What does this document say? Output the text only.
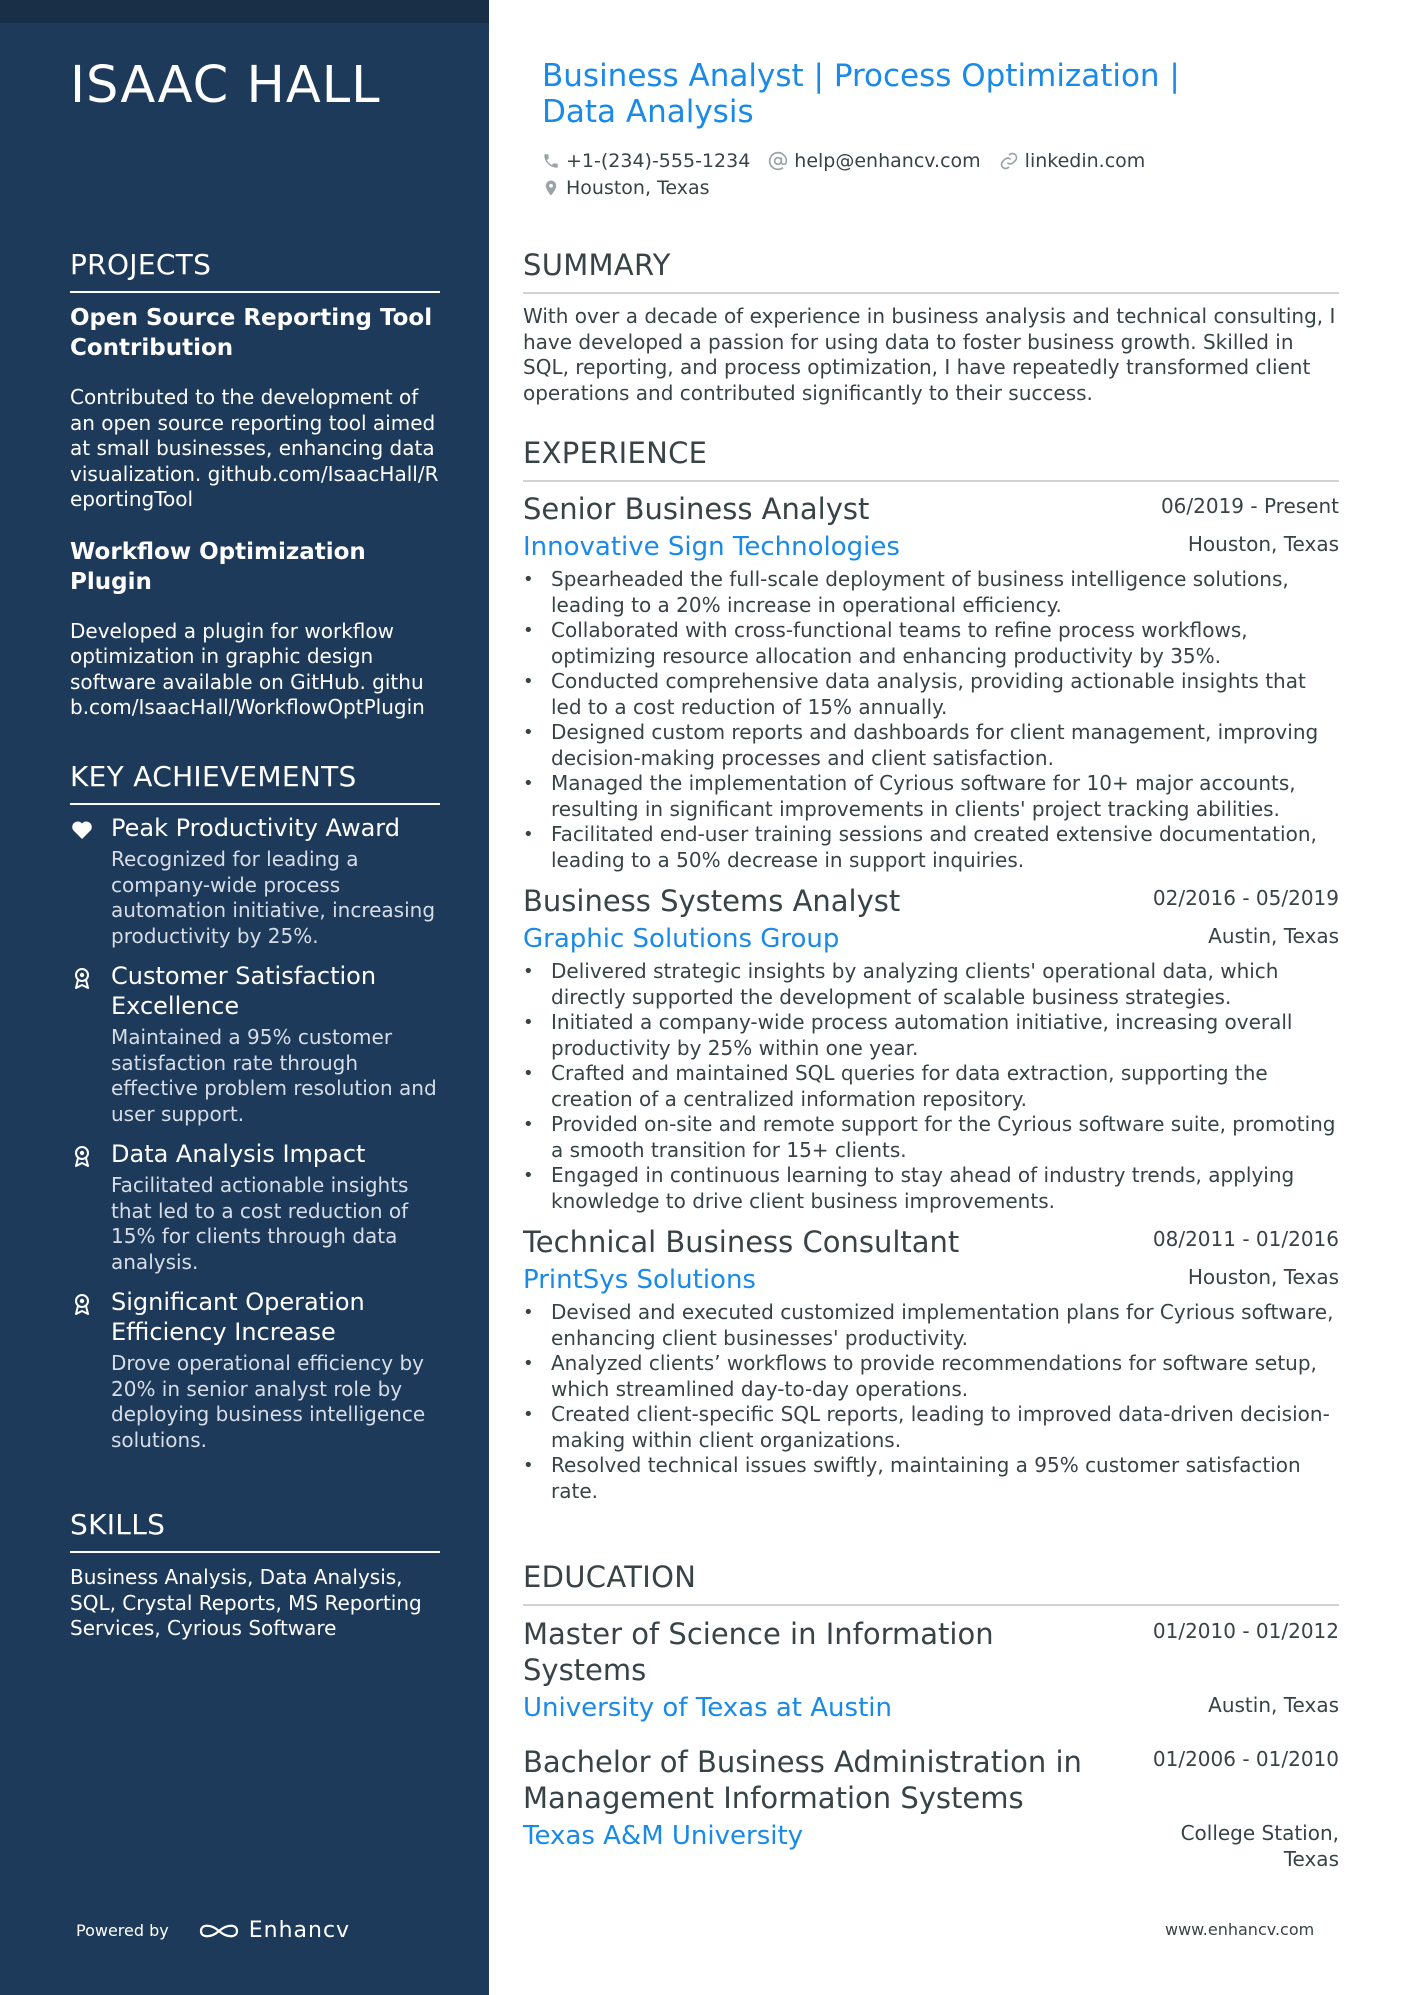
ISAAC HALL
PROJECTS
Open Source Reporting Tool Contribution
Contributed to the development of an open source reporting tool aimed at small businesses, enhancing data visualization. github.com/IsaacHall/ReportingTool
Workflow Optimization Plugin
Developed a plugin for workflow optimization in graphic design software available on GitHub. github.com/IsaacHall/WorkflowOptPlugin
KEY ACHIEVEMENTS
Peak Productivity Award
Recognized for leading a company-wide process automation initiative, increasing productivity by 25%.
Customer Satisfaction Excellence
Maintained a 95% customer satisfaction rate through effective problem resolution and user support.
Data Analysis Impact
Facilitated actionable insights that led to a cost reduction of 15% for clients through data analysis.
Significant Operation Efficiency Increase
Drove operational efficiency by 20% in senior analyst role by deploying business intelligence solutions.
SKILLS
Business Analysis, Data Analysis, SQL, Crystal Reports, MS Reporting Services, Cyrious Software
Powered by	Enhancv
Business Analyst | Process Optimization | Data Analysis
+1-(234)-555-1234 help@enhancv.com linkedin.com
Houston, Texas
SUMMARY
With over a decade of experience in business analysis and technical consulting, I have developed a passion for using data to foster business growth. Skilled in SQL, reporting, and process optimization, I have repeatedly transformed client operations and contributed significantly to their success.
EXPERIENCE
Senior Business Analyst	06/2019 - Present
Innovative Sign Technologies	Houston, Texas
• Spearheaded the full-scale deployment of business intelligence solutions, leading to a 20% increase in operational efficiency.
• Collaborated with cross-functional teams to refine process workflows, optimizing resource allocation and enhancing productivity by 35%.
• Conducted comprehensive data analysis, providing actionable insights that led to a cost reduction of 15% annually.
• Designed custom reports and dashboards for client management, improving decision-making processes and client satisfaction.
• Managed the implementation of Cyrious software for 10+ major accounts, resulting in significant improvements in clients' project tracking abilities.
• Facilitated end-user training sessions and created extensive documentation, leading to a 50% decrease in support inquiries.
Business Systems Analyst	02/2016 - 05/2019
Graphic Solutions Group	Austin, Texas
• Delivered strategic insights by analyzing clients' operational data, which directly supported the development of scalable business strategies.
• Initiated a company-wide process automation initiative, increasing overall productivity by 25% within one year.
• Crafted and maintained SQL queries for data extraction, supporting the creation of a centralized information repository.
• Provided on-site and remote support for the Cyrious software suite, promoting a smooth transition for 15+ clients.
• Engaged in continuous learning to stay ahead of industry trends, applying knowledge to drive client business improvements.
Technical Business Consultant	08/2011 - 01/2016
PrintSys Solutions	Houston, Texas
• Devised and executed customized implementation plans for Cyrious software, enhancing client businesses' productivity.
• Analyzed clients’ workflows to provide recommendations for software setup, which streamlined day-to-day operations.
• Created client-specific SQL reports, leading to improved data-driven decision-making within client organizations.
• Resolved technical issues swiftly, maintaining a 95% customer satisfaction rate.
EDUCATION
Master of Science in Information Systems
01/2010 - 01/2012
University of Texas at Austin	Austin, Texas
Bachelor of Business Administration in Management Information Systems
01/2006 - 01/2010
Texas A&M University	College Station, Texas
www.enhancv.com
